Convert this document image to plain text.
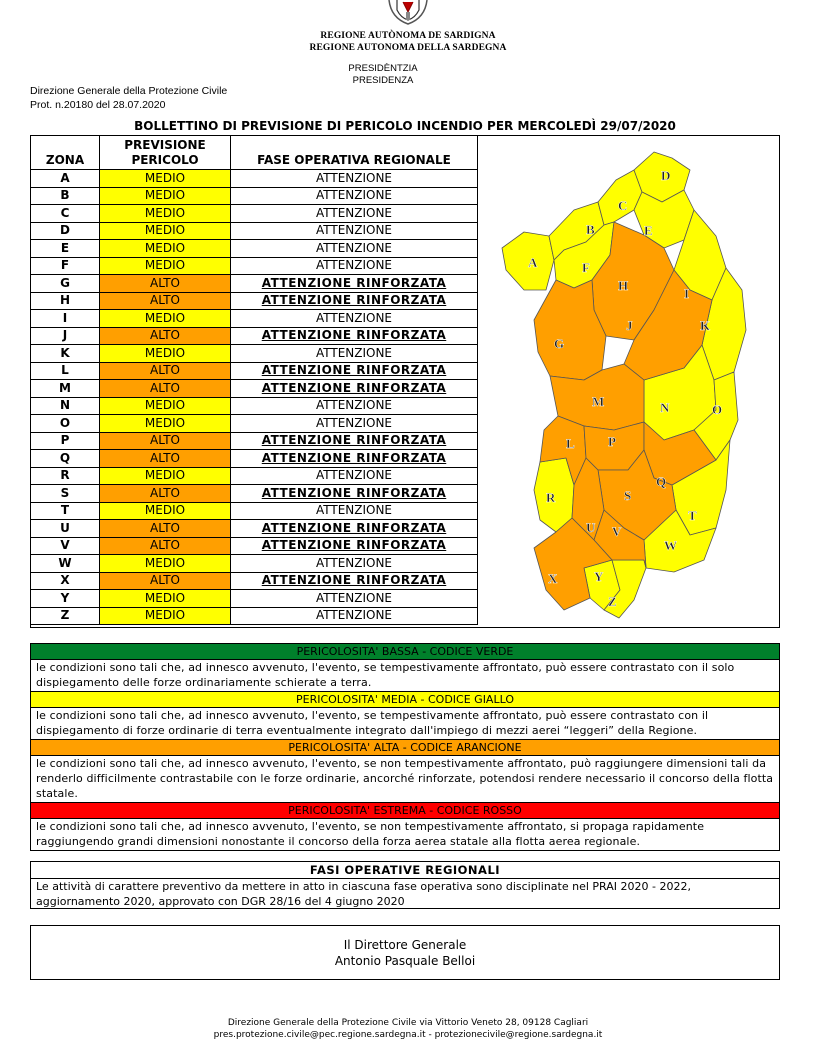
REGIONE AUTÒNOMA DE SARDIGNA
REGIONE AUTONOMA DELLA SARDEGNA
PRESIDÈNTZIA
PRESIDENZA
Direzione Generale della Protezione Civile
Prot. n.20180 del 28.07.2020
BOLLETTINO DI PREVISIONE DI PERICOLO INCENDIO PER MERCOLEDÌ 29/07/2020
ZONA	PREVISIONE
PERICOLO	FASE OPERATIVA REGIONALE
A	MEDIO	ATTENZIONE
B	MEDIO	ATTENZIONE
C	MEDIO	ATTENZIONE
D	MEDIO	ATTENZIONE
E	MEDIO	ATTENZIONE
F	MEDIO	ATTENZIONE
G	ALTO	ATTENZIONE RINFORZATA
H	ALTO	ATTENZIONE RINFORZATA
I	MEDIO	ATTENZIONE
J	ALTO	ATTENZIONE RINFORZATA
K	MEDIO	ATTENZIONE
L	ALTO	ATTENZIONE RINFORZATA
M	ALTO	ATTENZIONE RINFORZATA
N	MEDIO	ATTENZIONE
O	MEDIO	ATTENZIONE
P	ALTO	ATTENZIONE RINFORZATA
Q	ALTO	ATTENZIONE RINFORZATA
R	MEDIO	ATTENZIONE
S	ALTO	ATTENZIONE RINFORZATA
T	MEDIO	ATTENZIONE
U	ALTO	ATTENZIONE RINFORZATA
V	ALTO	ATTENZIONE RINFORZATA
W	MEDIO	ATTENZIONE
X	ALTO	ATTENZIONE RINFORZATA
Y	MEDIO	ATTENZIONE
Z	MEDIO	ATTENZIONE
A
B
C
D
E
F
G
H
I
J	K
L
M	N	O
P
Q
R	S
T
U V
W
X	Y
Z
PERICOLOSITA' BASSA - CODICE VERDE
le condizioni sono tali che, ad innesco avvenuto, l'evento, se tempestivamente affrontato, può essere contrastato con il solo dispiegamento delle forze ordinariamente schierate a terra.
PERICOLOSITA' MEDIA - CODICE GIALLO
le condizioni sono tali che, ad innesco avvenuto, l'evento, se tempestivamente affrontato, può essere contrastato con il dispiegamento di forze ordinarie di terra eventualmente integrato dall'impiego di mezzi aerei “leggeri” della Regione.
PERICOLOSITA' ALTA - CODICE ARANCIONE
le condizioni sono tali che, ad innesco avvenuto, l'evento, se non tempestivamente affrontato, può raggiungere dimensioni tali da renderlo difficilmente contrastabile con le forze ordinarie, ancorché rinforzate, potendosi rendere necessario il concorso della flotta statale.
PERICOLOSITA' ESTREMA - CODICE ROSSO
le condizioni sono tali che, ad innesco avvenuto, l'evento, se non tempestivamente affrontato, si propaga rapidamente raggiungendo grandi dimensioni nonostante il concorso della forza aerea statale alla flotta aerea regionale.
FASI OPERATIVE REGIONALI
Le attività di carattere preventivo da mettere in atto in ciascuna fase operativa sono disciplinate nel PRAI 2020 - 2022, aggiornamento 2020, approvato con DGR 28/16 del 4 giugno 2020
Il Direttore Generale
Antonio Pasquale Belloi
Direzione Generale della Protezione Civile via Vittorio Veneto 28, 09128 Cagliari
pres.protezione.civile@pec.regione.sardegna.it - protezionecivile@regione.sardegna.it
